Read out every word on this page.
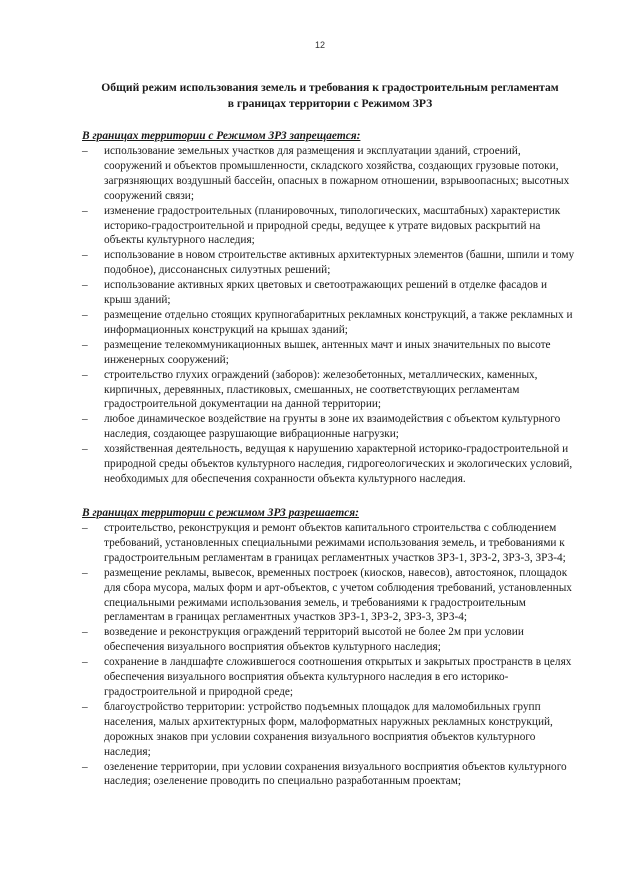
12
Общий режим использования земель и требования к градостроительным регламентам
в границах территории с Режимом ЗРЗ

В границах территории с Режимом ЗРЗ запрещается:

– использование земельных участков для размещения и эксплуатации зданий, строений, сооружений и объектов промышленности, складского хозяйства, создающих грузовые потоки, загрязняющих воздушный бассейн, опасных в пожарном отношении, взрывоопасных; высотных сооружений связи;
– изменение градостроительных (планировочных, типологических, масштабных) характеристик историко-градостроительной и природной среды, ведущее к утрате видовых раскрытий на объекты культурного наследия;
– использование в новом строительстве активных архитектурных элементов (башни, шпили и тому подобное), диссонансных силуэтных решений;
– использование активных ярких цветовых и светоотражающих решений в отделке фасадов и крыш зданий;
– размещение отдельно стоящих крупногабаритных рекламных конструкций, а также рекламных и информационных конструкций на крышах зданий;
– размещение телекоммуникационных вышек, антенных мачт и иных значительных по высоте инженерных сооружений;
– строительство глухих ограждений (заборов): железобетонных, металлических, каменных, кирпичных, деревянных, пластиковых, смешанных, не соответствующих регламентам градостроительной документации на данной территории;
– любое динамическое воздействие на грунты в зоне их взаимодействия с объектом культурного наследия, создающее разрушающие вибрационные нагрузки;
– хозяйственная деятельность, ведущая к нарушению характерной историко-градостроительной и природной среды объектов культурного наследия, гидрогеологических и экологических условий, необходимых для обеспечения сохранности объекта культурного наследия.

В границах территории с режимом ЗРЗ разрешается:

– строительство, реконструкция и ремонт объектов капитального строительства с соблюдением требований, установленных специальными режимами использования земель, и требованиями к градостроительным регламентам в границах регламентных участков ЗРЗ-1, ЗРЗ-2, ЗРЗ-3, ЗРЗ-4;
– размещение рекламы, вывесок, временных построек (киосков, навесов), автостоянок, площадок для сбора мусора, малых форм и арт-объектов, с учетом соблюдения требований, установленных специальными режимами использования земель, и требованиями к градостроительным регламентам в границах регламентных участков ЗРЗ-1, ЗРЗ-2, ЗРЗ-3, ЗРЗ-4;
– возведение и реконструкция ограждений территорий высотой не более 2м при условии обеспечения визуального восприятия объектов культурного наследия;
– сохранение в ландшафте сложившегося соотношения открытых и закрытых пространств в целях обеспечения визуального восприятия объекта культурного наследия в его историко-градостроительной и природной среде;
– благоустройство территории: устройство подъемных площадок для маломобильных групп населения, малых архитектурных форм, малоформатных наружных рекламных конструкций, дорожных знаков при условии сохранения визуального восприятия объектов культурного наследия;
– озеленение территории, при условии сохранения визуального восприятия объектов культурного наследия; озеленение проводить по специально разработанным проектам;
